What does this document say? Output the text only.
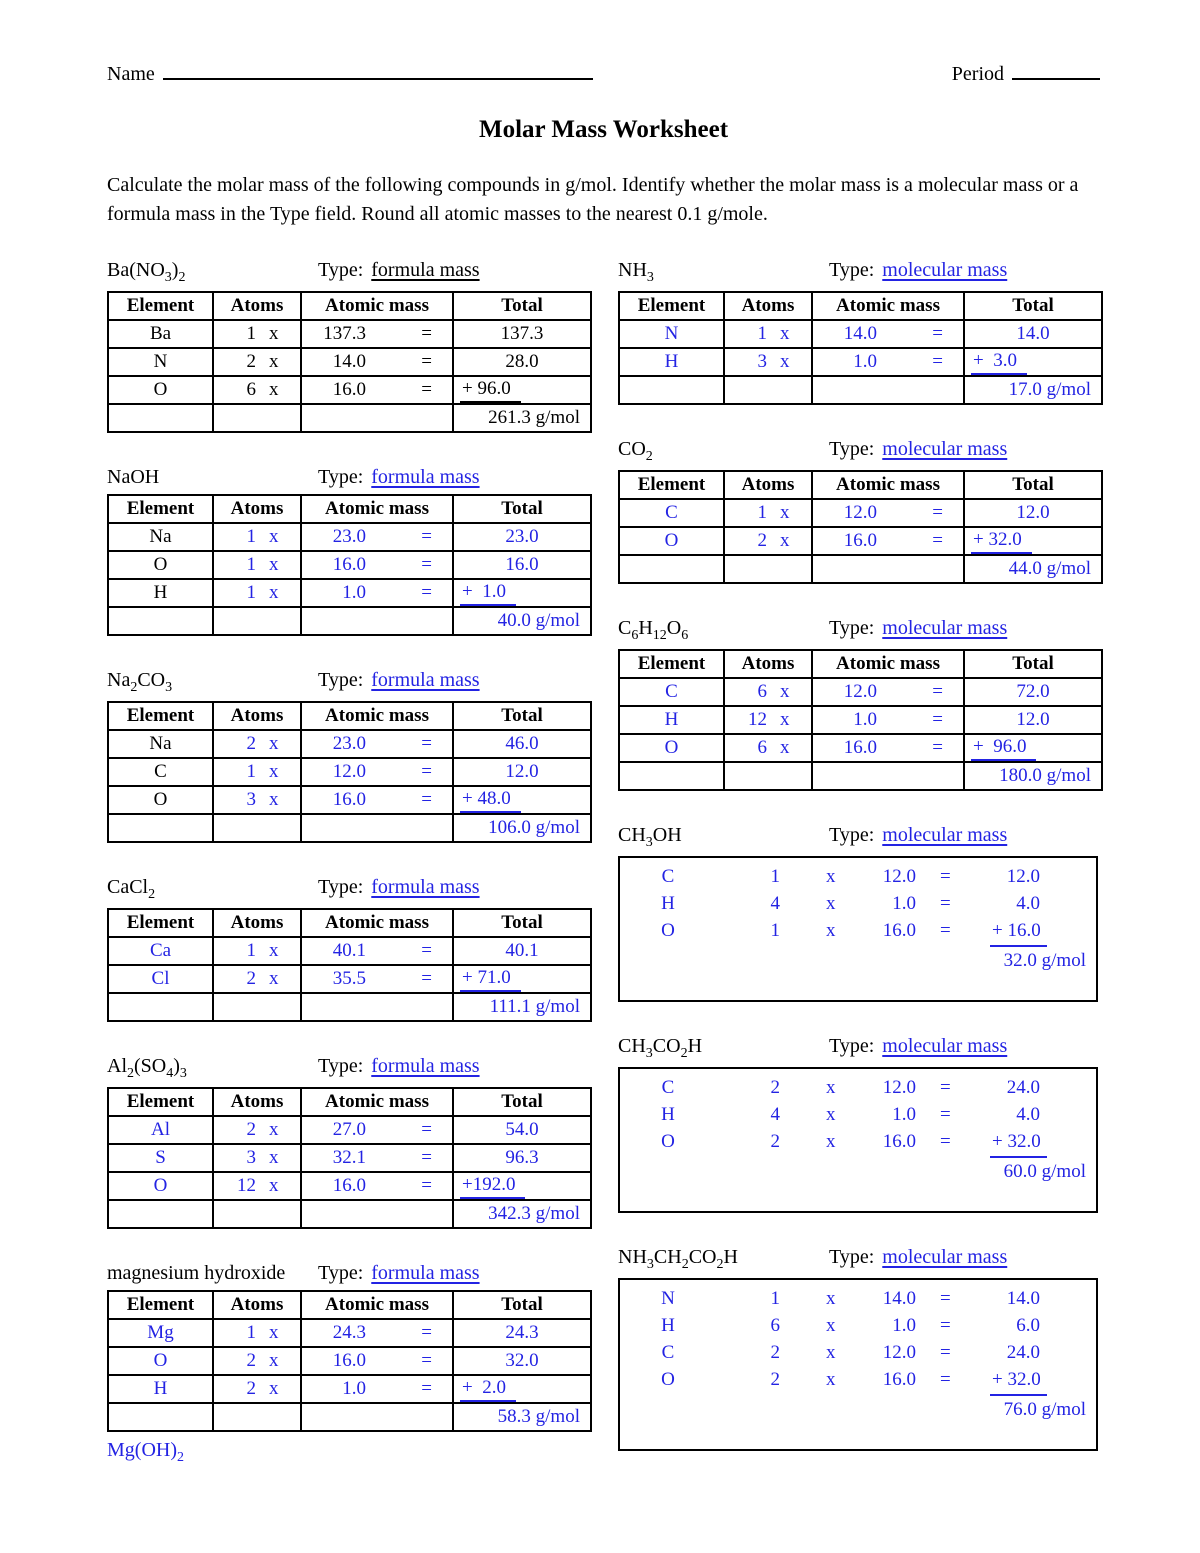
Name	Period
Molar Mass Worksheet

Calculate the molar mass of the following compounds in g/mol. Identify whether the molar mass is a molecular mass or a formula mass in the Type field. Round all atomic masses to the nearest 0.1 g/mole.

$Ba(NO_3)_2$	Type: formula mass
Element	Atoms	Atomic mass	Total
Ba	1 x	137.3 =	137.3
N	2 x	14.0 =	28.0
O	6 x	16.0 =	+ 96.0
			261.3 g/mol
NaOH	Type: formula mass
Element	Atoms	Atomic mass	Total
Na	1 x	23.0 =	23.0
O	1 x	16.0 =	16.0
H	1 x	1.0 =	+  1.0
			40.0 g/mol
$Na_2CO_3$	Type: formula mass
Element	Atoms	Atomic mass	Total
Na	2 x	23.0 =	46.0
C	1 x	12.0 =	12.0
O	3 x	16.0 =	+ 48.0
			106.0 g/mol
CaCl$_2$	Type: formula mass
Element	Atoms	Atomic mass	Total
Ca	1 x	40.1 =	40.1
Cl	2 x	35.5 =	+ 71.0
			111.1 g/mol
$Al_2(SO_4)_3$	Type: formula mass
Element	Atoms	Atomic mass	Total
Al	2 x	27.0 =	54.0
S	3 x	32.1 =	96.3
O	12 x	16.0 =	+192.0
			342.3 g/mol
magnesium hydroxide	Type: formula mass
Element	Atoms	Atomic mass	Total
Mg	1 x	24.3 =	24.3
O	2 x	16.0 =	32.0
H	2 x	1.0 =	+  2.0
			58.3 g/mol
$Mg(OH)_2$
$NH_3$	Type: molecular mass
Element	Atoms	Atomic mass	Total
N	1 x	14.0 =	14.0
H	3 x	1.0 =	+  3.0
			17.0 g/mol
$CO_2$	Type: molecular mass
Element	Atoms	Atomic mass	Total
C	1 x	12.0 =	12.0
O	2 x	16.0 =	+ 32.0
			44.0 g/mol
$C_6H_{12}O_6$	Type: molecular mass
Element	Atoms	Atomic mass	Total
C	6 x	12.0 =	72.0
H	12 x	1.0 =	12.0
O	6 x	16.0 =	+  96.0
			180.0 g/mol
$CH_3OH$	Type: molecular mass
C	1	x	12.0	=	12.0
H	4	x	1.0	=	4.0
O	1	x	16.0	=	+ 16.0
32.0 g/mol
$CH_3CO_2H$	Type: molecular mass
C	2	x	12.0	=	24.0
H	4	x	1.0	=	4.0
O	2	x	16.0	=	+ 32.0
60.0 g/mol
$NH_3CH_2CO_2H$	Type: molecular mass
N	1	x	14.0	=	14.0
H	6	x	1.0	=	6.0
C	2	x	12.0	=	24.0
O	2	x	16.0	=	+ 32.0
76.0 g/mol
